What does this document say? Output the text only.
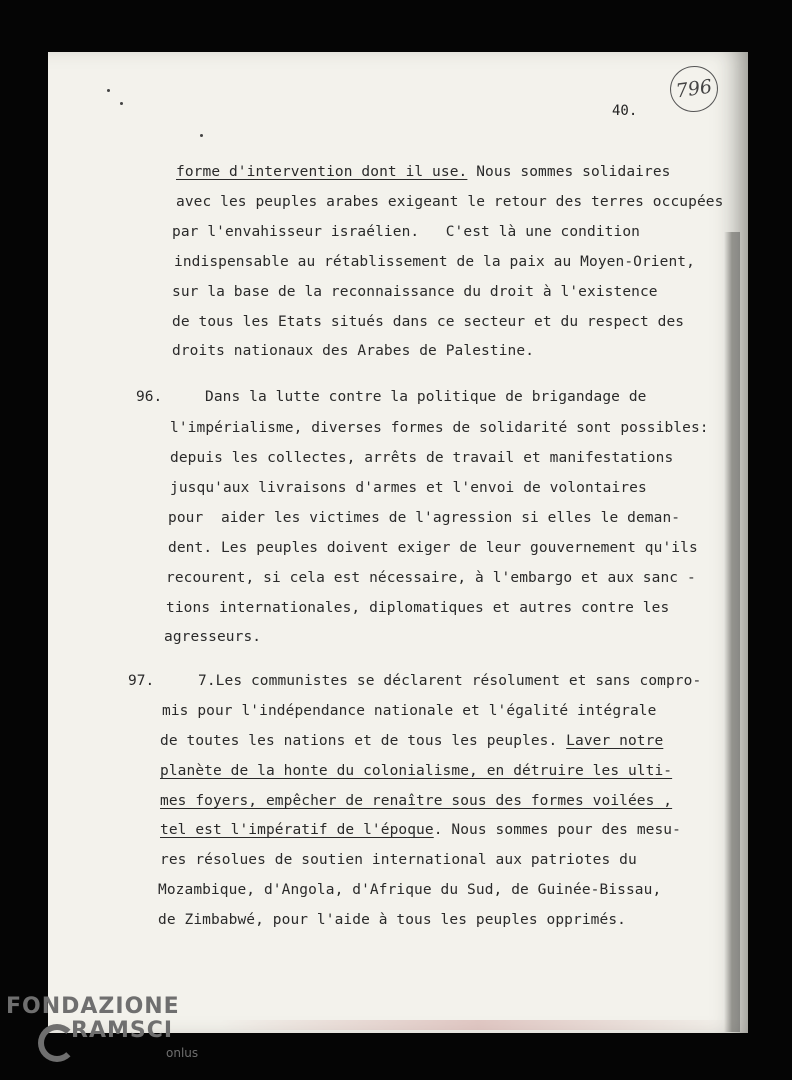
796
40.
forme d'intervention dont il use. Nous sommes solidaires
avec les peuples arabes exigeant le retour des terres occupées
par l'envahisseur israélien.   C'est là une condition
indispensable au rétablissement de la paix au Moyen-Orient,
sur la base de la reconnaissance du droit à l'existence
de tous les Etats situés dans ce secteur et du respect des
droits nationaux des Arabes de Palestine.
Dans la lutte contre la politique de brigandage de
l'impérialisme, diverses formes de solidarité sont possibles:
depuis les collectes, arrêts de travail et manifestations
jusqu'aux livraisons d'armes et l'envoi de volontaires
pour  aider les victimes de l'agression si elles le deman-
dent. Les peuples doivent exiger de leur gouvernement qu'ils
recourent, si cela est nécessaire, à l'embargo et aux sanc -
tions internationales, diplomatiques et autres contre les
agresseurs.
7.Les communistes se déclarent résolument et sans compro-
mis pour l'indépendance nationale et l'égalité intégrale
de toutes les nations et de tous les peuples. Laver notre
planète de la honte du colonialisme, en détruire les ulti-
mes foyers, empêcher de renaître sous des formes voilées ,
tel est l'impératif de l'époque. Nous sommes pour des mesu-
res résolues de soutien international aux patriotes du
Mozambique, d'Angola, d'Afrique du Sud, de Guinée-Bissau,
de Zimbabwé, pour l'aide à tous les peuples opprimés.
96.
97.
FONDAZIONE
RAMSCI
onlus
